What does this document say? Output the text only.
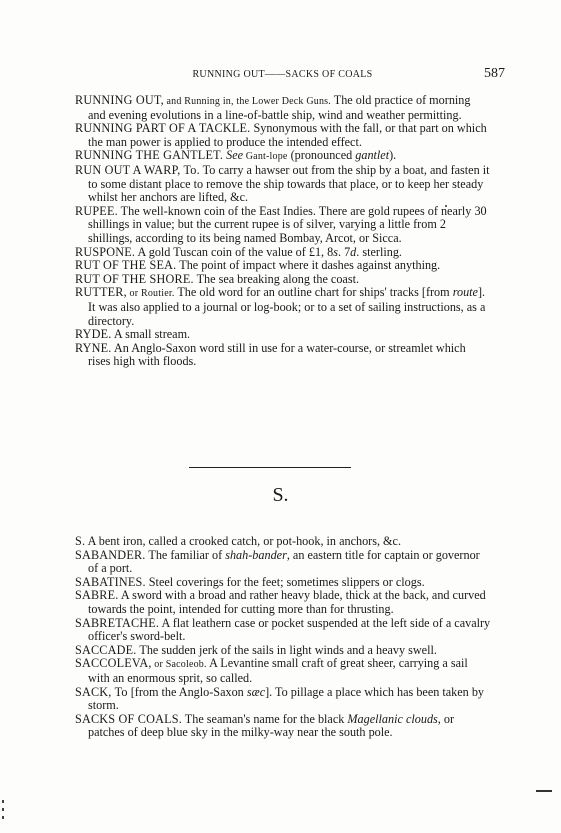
RUNNING OUT——SACKS OF COALS	587

RUNNING OUT, and Running in, the Lower Deck Guns. The old practice of morning and evening evolutions in a line-of-battle ship, wind and weather permitting.

RUNNING PART OF A TACKLE. Synonymous with the fall, or that part on which the man power is applied to produce the intended effect.

RUNNING THE GANTLET. See Gant-lope (pronounced gantlet).

RUN OUT A WARP, To. To carry a hawser out from the ship by a boat, and fasten it to some distant place to remove the ship towards that place, or to keep her steady whilst her anchors are lifted, &c.

RUPEE. The well-known coin of the East Indies. There are gold rupees of nearly 30 shillings in value; but the current rupee is of silver, varying a little from 2 shillings, according to its being named Bombay, Arcot, or Sicca.

RUSPONE. A gold Tuscan coin of the value of £1, 8s. 7d. sterling.

RUT OF THE SEA. The point of impact where it dashes against anything.

RUT OF THE SHORE. The sea breaking along the coast.

RUTTER, or Routier. The old word for an outline chart for ships' tracks [from route]. It was also applied to a journal or log-book; or to a set of sailing instructions, as a directory.

RYDE. A small stream.

RYNE. An Anglo-Saxon word still in use for a water-course, or streamlet which rises high with floods.

S.

S. A bent iron, called a crooked catch, or pot-hook, in anchors, &c.

SABANDER. The familiar of shah-bander, an eastern title for captain or governor of a port.

SABATINES. Steel coverings for the feet; sometimes slippers or clogs.

SABRE. A sword with a broad and rather heavy blade, thick at the back, and curved towards the point, intended for cutting more than for thrusting.

SABRETACHE. A flat leathern case or pocket suspended at the left side of a cavalry officer's sword-belt.

SACCADE. The sudden jerk of the sails in light winds and a heavy swell.

SACCOLEVA, or Sacoleob. A Levantine small craft of great sheer, carrying a sail with an enormous sprit, so called.

SACK, To [from the Anglo-Saxon sæc]. To pillage a place which has been taken by storm.

SACKS OF COALS. The seaman's name for the black Magellanic clouds, or patches of deep blue sky in the milky-way near the south pole.
